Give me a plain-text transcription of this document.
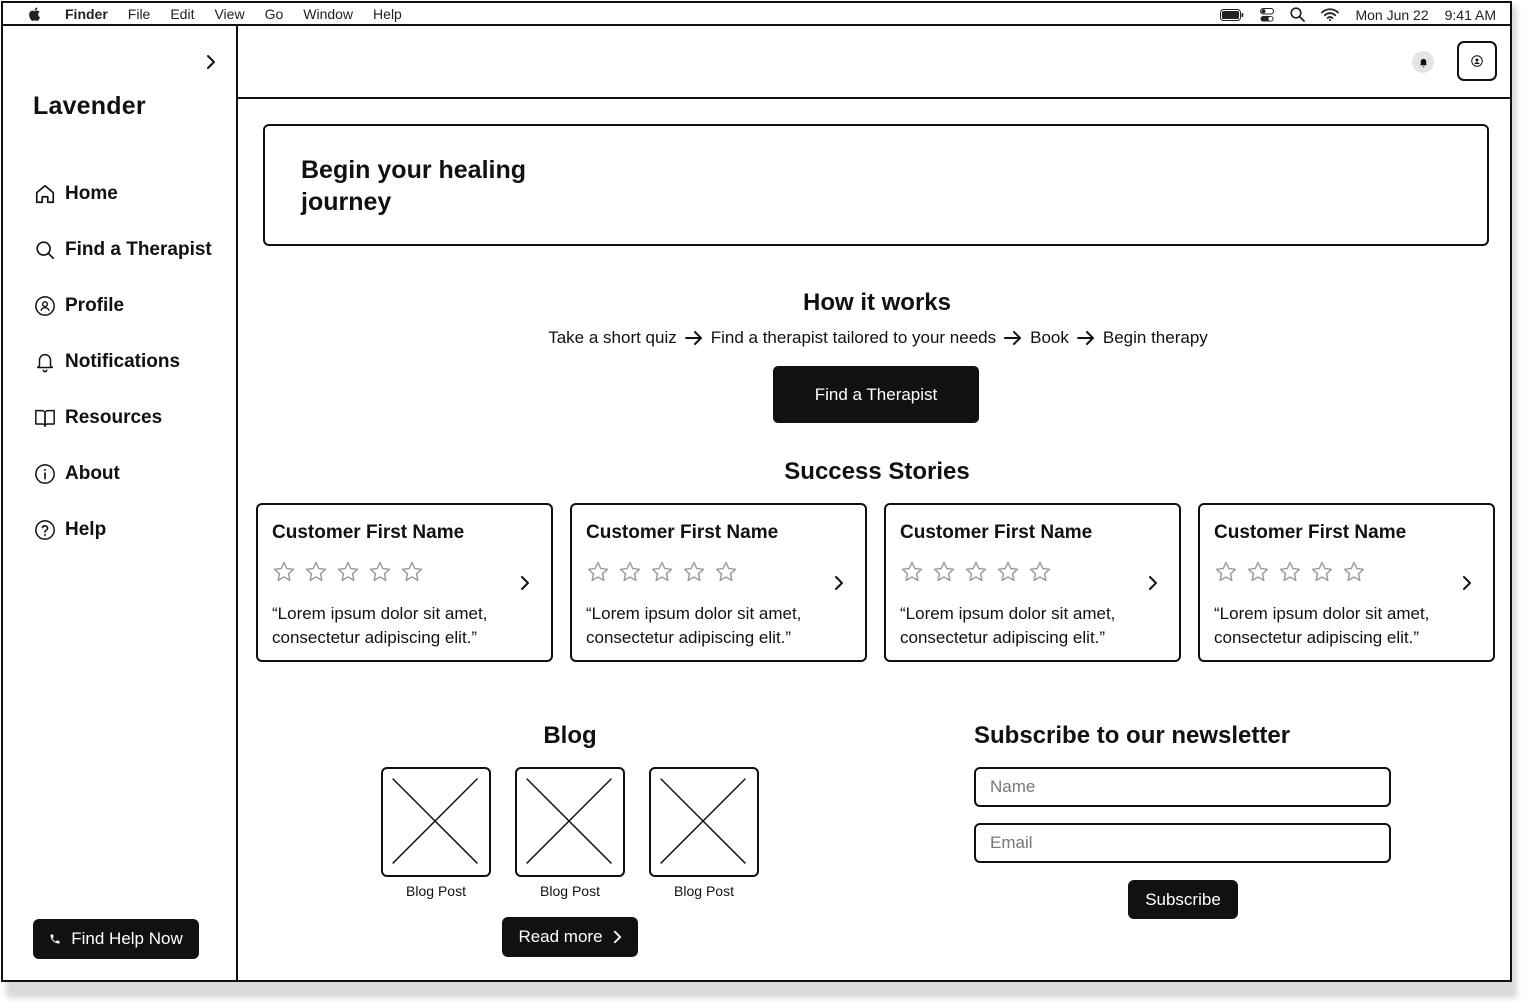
Finder File Edit View Go Window Help	Mon Jun 22 9:41 AM
Lavender
Home
Find a Therapist
Profile
Notifications
Resources
About
Help
Find Help Now
Begin your healing journey
How it works
Take a short quiz Find a therapist tailored to your needs Book Begin therapy
Find a Therapist
Success Stories
Customer First Name
“Lorem ipsum dolor sit amet, consectetur adipiscing elit.”
Customer First Name
“Lorem ipsum dolor sit amet, consectetur adipiscing elit.”
Customer First Name
“Lorem ipsum dolor sit amet, consectetur adipiscing elit.”
Customer First Name
“Lorem ipsum dolor sit amet, consectetur adipiscing elit.”
Blog
Blog Post	Blog Post	Blog Post
Read more
Subscribe to our newsletter
Name
Email
Subscribe
